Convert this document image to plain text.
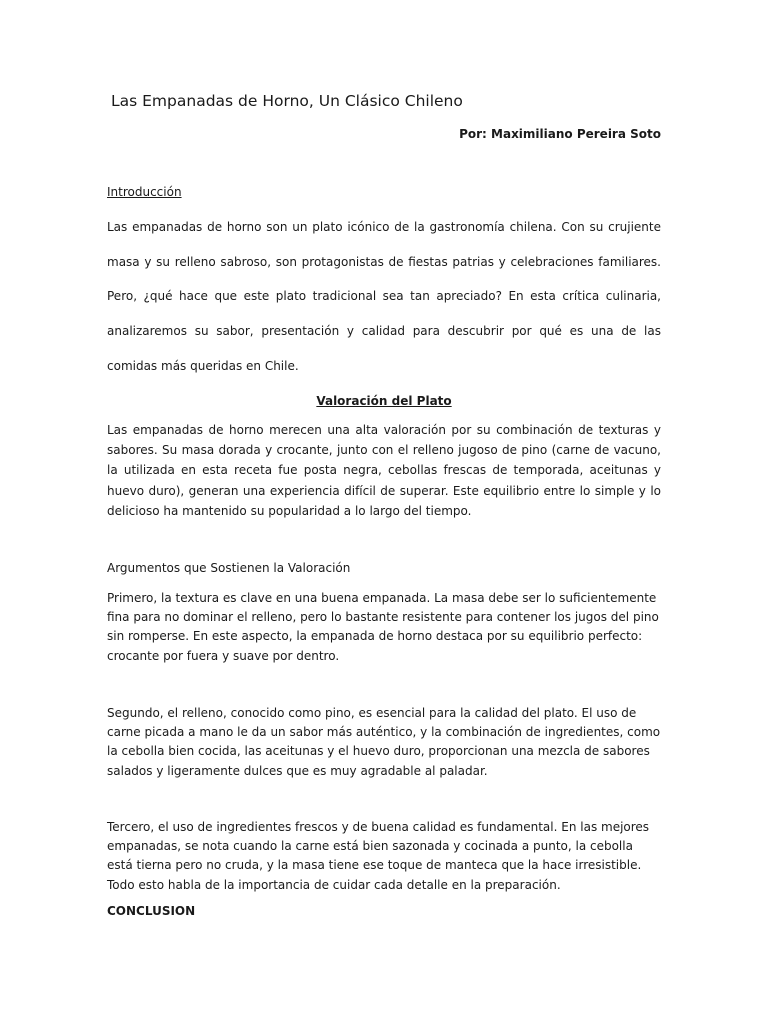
Las Empanadas de Horno, Un Clásico Chileno

Por: Maximiliano Pereira Soto

Introducción

Las empanadas de horno son un plato icónico de la gastronomía chilena. Con su crujiente masa y su relleno sabroso, son protagonistas de fiestas patrias y celebraciones familiares. Pero, ¿qué hace que este plato tradicional sea tan apreciado? En esta crítica culinaria, analizaremos su sabor, presentación y calidad para descubrir por qué es una de las comidas más queridas en Chile.

Valoración del Plato

Las empanadas de horno merecen una alta valoración por su combinación de texturas y sabores. Su masa dorada y crocante, junto con el relleno jugoso de pino (carne de vacuno, la utilizada en esta receta fue posta negra, cebollas frescas de temporada, aceitunas y huevo duro), generan una experiencia difícil de superar. Este equilibrio entre lo simple y lo delicioso ha mantenido su popularidad a lo largo del tiempo.

Argumentos que Sostienen la Valoración

Primero, la textura es clave en una buena empanada. La masa debe ser lo suficientemente fina para no dominar el relleno, pero lo bastante resistente para contener los jugos del pino sin romperse. En este aspecto, la empanada de horno destaca por su equilibrio perfecto: crocante por fuera y suave por dentro.

Segundo, el relleno, conocido como pino, es esencial para la calidad del plato. El uso de carne picada a mano le da un sabor más auténtico, y la combinación de ingredientes, como la cebolla bien cocida, las aceitunas y el huevo duro, proporcionan una mezcla de sabores salados y ligeramente dulces que es muy agradable al paladar.

Tercero, el uso de ingredientes frescos y de buena calidad es fundamental. En las mejores empanadas, se nota cuando la carne está bien sazonada y cocinada a punto, la cebolla está tierna pero no cruda, y la masa tiene ese toque de manteca que la hace irresistible. Todo esto habla de la importancia de cuidar cada detalle en la preparación.

CONCLUSION
